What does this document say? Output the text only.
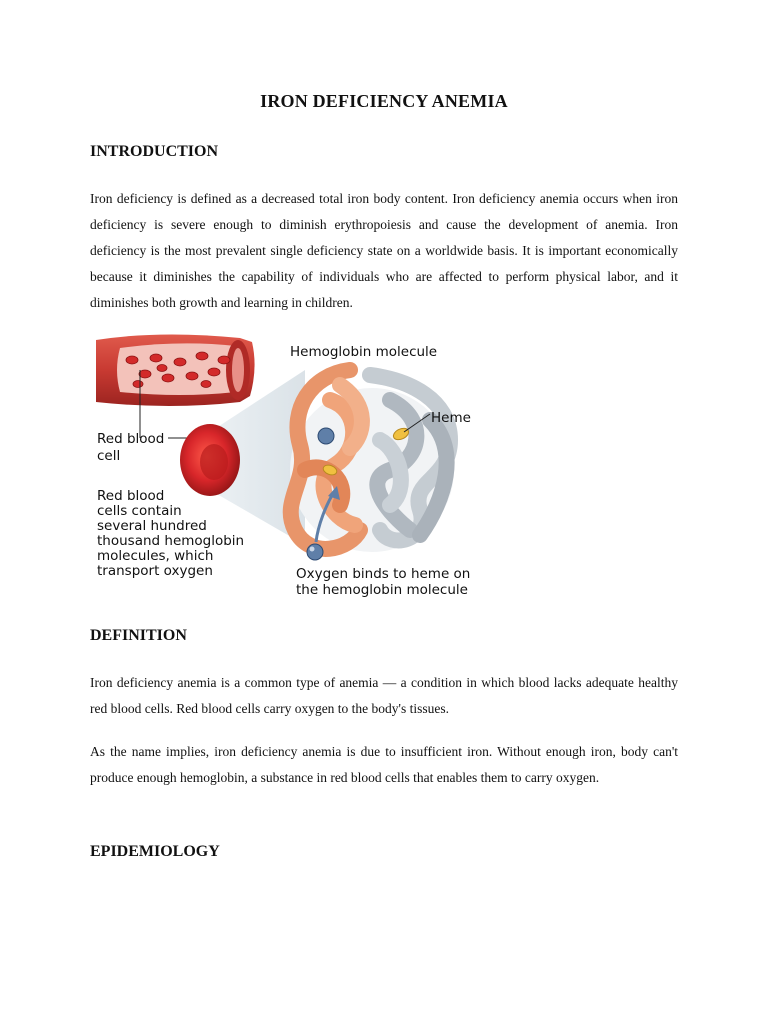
IRON DEFICIENCY ANEMIA
INTRODUCTION
Iron deficiency is defined as a decreased total iron body content. Iron deficiency anemia occurs when iron deficiency is severe enough to diminish erythropoiesis and cause the development of anemia. Iron deficiency is the most prevalent single deficiency state on a worldwide basis. It is important economically because it diminishes the capability of individuals who are affected to perform physical labor, and it diminishes both growth and learning in children.
Hemoglobin molecule
Heme
Red blood
cell
Red blood
cells contain
several hundred
thousand hemoglobin
molecules, which
transport oxygen	Oxygen binds to heme on
the hemoglobin molecule
DEFINITION
Iron deficiency anemia is a common type of anemia — a condition in which blood lacks adequate healthy red blood cells. Red blood cells carry oxygen to the body's tissues.
As the name implies, iron deficiency anemia is due to insufficient iron. Without enough iron, body can't produce enough hemoglobin, a substance in red blood cells that enables them to carry oxygen.
EPIDEMIOLOGY
